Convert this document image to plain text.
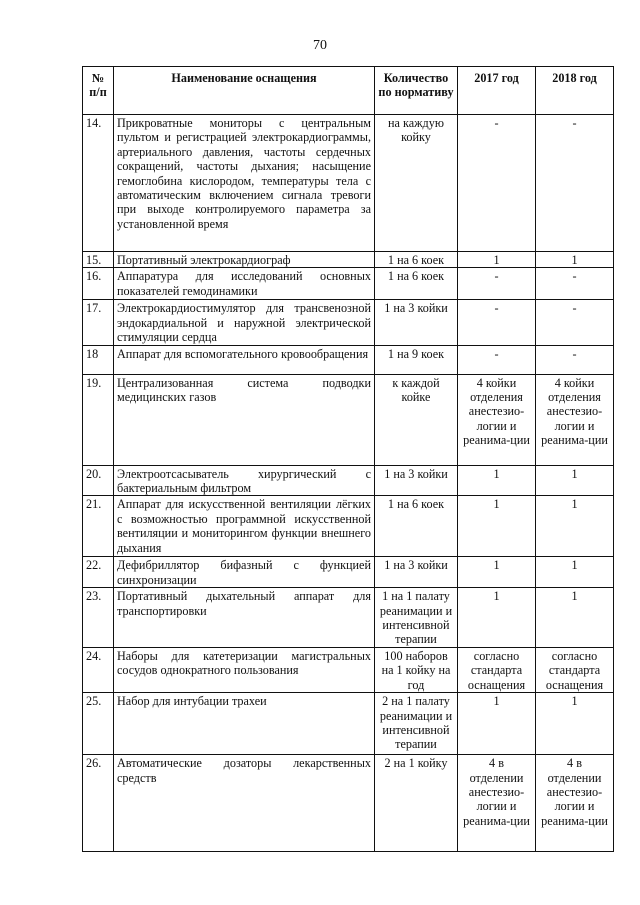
70
№ п/п	Наименование оснащения	Количество по нормативу	2017 год	2018 год
14.	Прикроватные мониторы с центральным пультом и регистрацией электрокардиограммы, артериального давления, частоты сердечных сокращений, частоты дыхания; насыщение гемоглобина кислородом, температуры тела с автоматическим включением сигнала тревоги при выходе контролируемого параметра за установленной время	на каждую койку	-	-
15.	Портативный электрокардиограф	1 на 6 коек	1	1
16.	Аппаратура для исследований основных показателей гемодинамики	1 на 6 коек	-	-
17.	Электрокардиостимулятор для трансвенозной эндокардиальной и наружной электрической стимуляции сердца	1 на 3 койки	-	-
18	Аппарат для вспомогательного кровообращения	1 на 9 коек	-	-
19.	Централизованная система подводки медицинских газов	к каждой койке	4 койки отделения анестезио-логии и реанима-ции	4 койки отделения анестезио-логии и реанима-ции
20.	Электроотсасыватель хирургический с бактериальным фильтром	1 на 3 койки	1	1
21.	Аппарат для искусственной вентиляции лёгких с возможностью программной искусственной вентиляции и мониторингом функции внешнего дыхания	1 на 6 коек	1	1
22.	Дефибриллятор бифазный с функцией синхронизации	1 на 3 койки	1	1
23.	Портативный дыхательный аппарат для транспортировки	1 на 1 палату реанимации и интенсивной терапии	1	1
24.	Наборы для катетеризации магистральных сосудов однократного пользования	100 наборов на 1 койку на год	согласно стандарта оснащения	согласно стандарта оснащения
25.	Набор для интубации трахеи	2 на 1 палату реанимации и интенсивной терапии	1	1
26.	Автоматические дозаторы лекарственных средств	2 на 1 койку	4 в отделении анестезио-логии и реанима-ции	4 в отделении анестезио-логии и реанима-ции
